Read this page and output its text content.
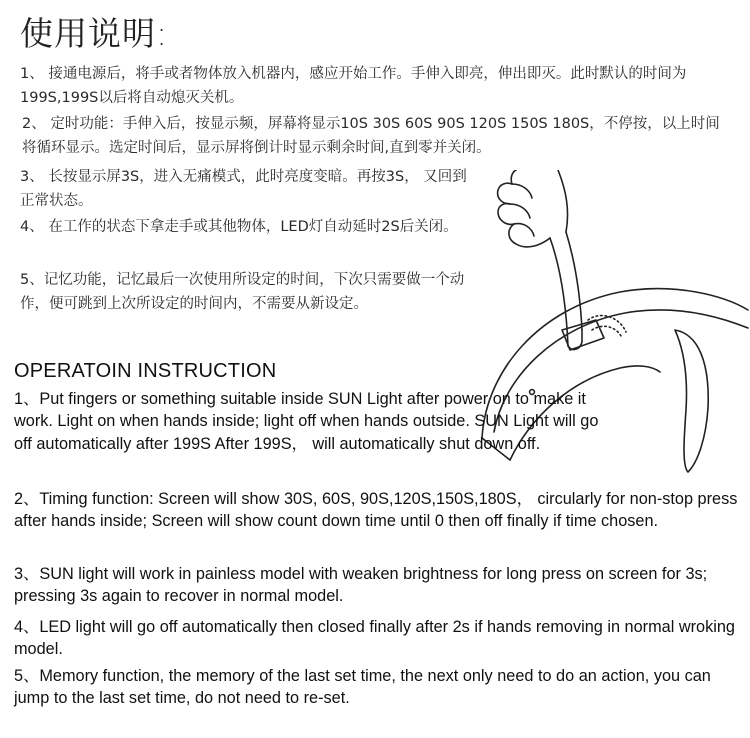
使用说明:

1、 接通电源后，将手或者物体放入机器内，感应开始工作。手伸入即亮，伸出即灭。此时默认的时间为199S,199S以后将自动熄灭关机。

2、 定时功能：手伸入后，按显示频，屏幕将显示10S 30S 60S 90S 120S 150S 180S，不停按，以上时间将循环显示。选定时间后，显示屏将倒计时显示剩余时间,直到零并关闭。

3、 长按显示屏3S，进入无痛模式，此时亮度变暗。再按3S， 又回到正常状态。

4、 在工作的状态下拿走手或其他物体，LED灯自动延时2S后关闭。

5、记忆功能，记忆最后一次使用所设定的时间，下次只需要做一个动作，便可跳到上次所设定的时间内，不需要从新设定。

OPERATOIN INSTRUCTION

1、Put fingers or something suitable inside SUN Light after power on to make it work. Light on when hands inside; light off when hands outside. SUN Light will go off automatically after 199S After 199S， will automatically shut down off.

2、Timing function: Screen will show 30S, 60S, 90S,120S,150S,180S， circularly for non-stop press after hands inside; Screen will show count down time until 0 then off finally if time chosen.

3、SUN light will work in painless model with weaken brightness for long press on screen for 3s; pressing 3s again to recover in normal model.

4、LED light will go off automatically then closed finally after 2s if hands removing in normal wroking model.

5、Memory function, the memory of the last set time, the next only need to do an action, you can jump to the last set time, do not need to re-set.
